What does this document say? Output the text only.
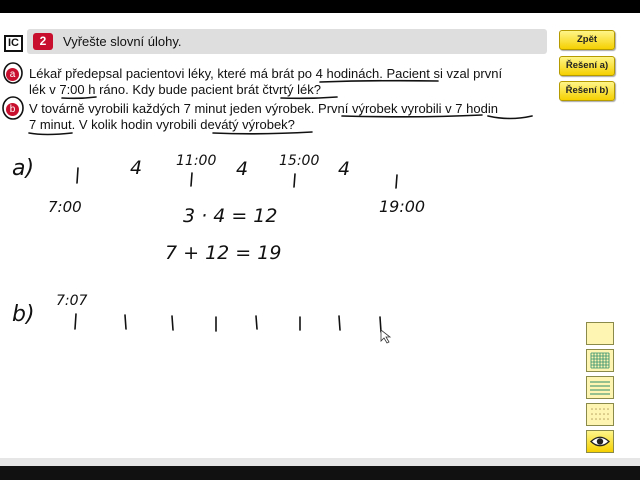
IC	2	Vyřešte slovní úlohy.	Zpět
Řešení a)
Řešení b)
a	Lékař předepsal pacientovi léky, které má brát po 4 hodinách. Pacient si vzal první
lék v 7:00 h ráno. Kdy bude pacient brát čtvrtý lék?
b	V továrně vyrobili každých 7 minut jeden výrobek. První výrobek vyrobili v 7 hodin
7 minut. V kolik hodin vyrobili devátý výrobek?
a)	4	4	4
11:00	15:00
7:00	19:00
3 · 4 = 12
7 + 12 = 19
b)
7:07
